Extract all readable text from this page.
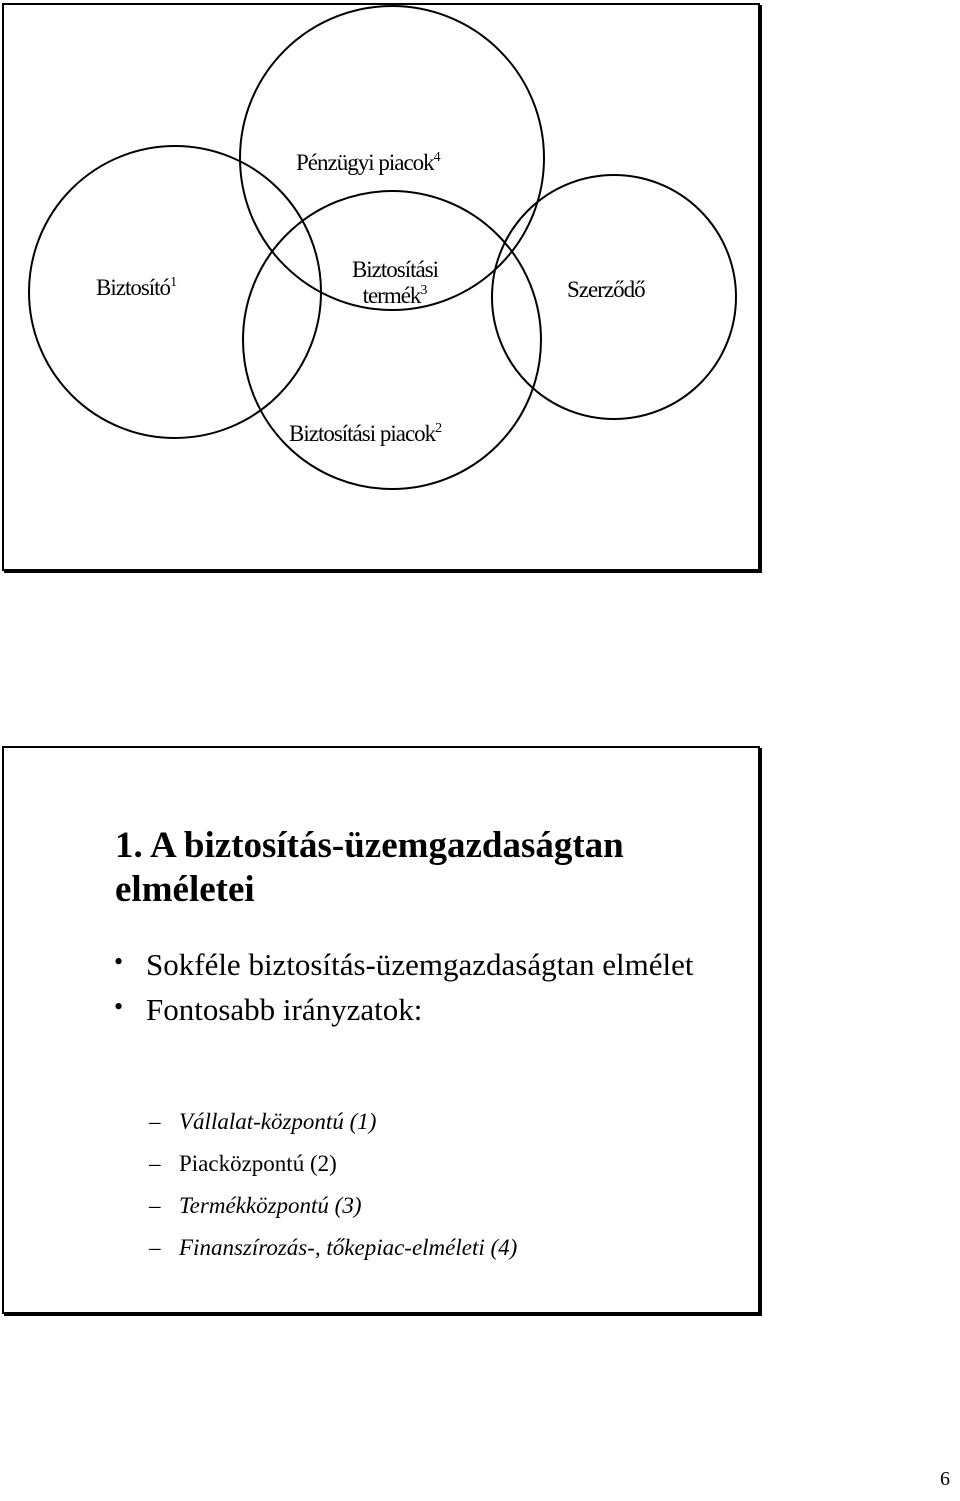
Pénzügyi piacok$^4$
Biztosító$^1$
Biztosítási
termék$^3$	Szerződő
Biztosítási piacok$^2$
1. A biztosítás-üzemgazdaságtan elméletei
• Sokféle biztosítás-üzemgazdaságtan elmélet
• Fontosabb irányzatok:
– Vállalat-központú (1)
– Piacközpontú (2)
– Termékközpontú (3)
– Finanszírozás-, tőkepiac-elméleti (4)
6
